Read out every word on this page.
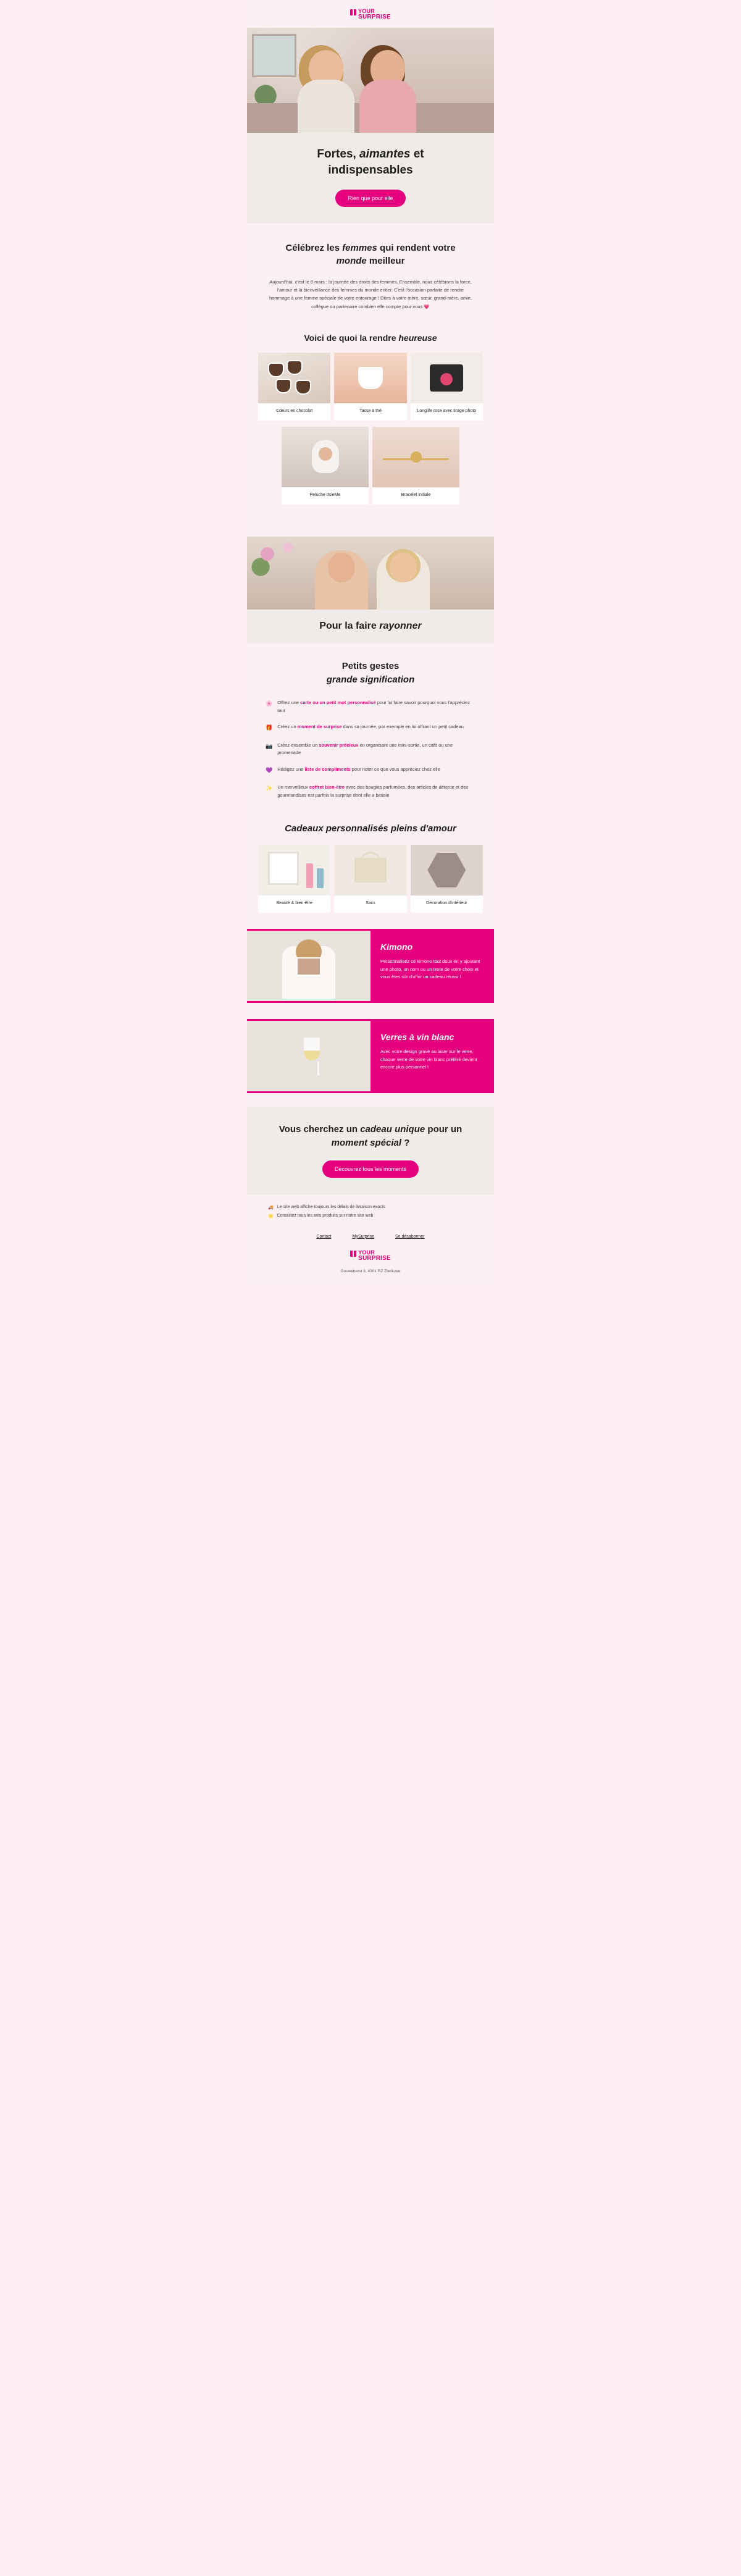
YOUR
SURPRISE
Fortes, aimantes et
indispensables
Rien que pour elle
Célébrez les femmes qui rendent votre
monde meilleur

Aujourd'hui, c'est le 8 mars : la journée des droits des femmes. Ensemble, nous célébrons la force, l'amour et la bienveillance des femmes du monde entier. C'est l'occasion parfaite de rendre hommage à une femme spéciale de votre entourage ! Dites à votre mère, sœur, grand-mère, amie, collègue ou partenaire combien elle compte pour vous 💗

Voici de quoi la rendre heureuse
Cœurs en chocolat	Tasse à thé	Longlife rose avec tirage photo
Peluche ItsieMe	Bracelet initiale
Pour la faire rayonner
Petits gestes
grande signification
🌸 Offrez une carte ou un petit mot personnalisé pour lui faire savoir pourquoi vous l'appréciez tant
🎁 Créez un moment de surprise dans sa journée, par exemple en lui offrant un petit cadeau
📷 Créez ensemble un souvenir précieux en organisant une mini-sortie, un café ou une promenade
💜 Rédigez une liste de compliments pour noter ce que vous appréciez chez elle
✨ Un merveilleux coffret bien-être avec des bougies parfumées, des articles de détente et des gourmandises est parfois la surprise dont elle a besoin
Cadeaux personnalisés pleins d'amour
Beauté & bien-être	Sacs	Décoration d'intérieur
Kimono

Personnalisez ce kimono tout doux en y ajoutant une photo, un nom ou un texte de votre choix et vous êtes sûr d'offrir un cadeau réussi !

Verres à vin blanc

Avec votre design gravé au laser sur le verre, chaque verre de votre vin blanc préféré devient encore plus personnel !

Vous cherchez un cadeau unique pour un
moment spécial ?
Découvrez tous les moments
🚚 Le site web affiche toujours les délais de livraison exacts
🌟 Consultez tous les avis produits sur notre site web
Contact	MySurprise	Se désabonner
YOUR
SURPRISE
Gouweborst 3, 4301 RZ Zierikzee
